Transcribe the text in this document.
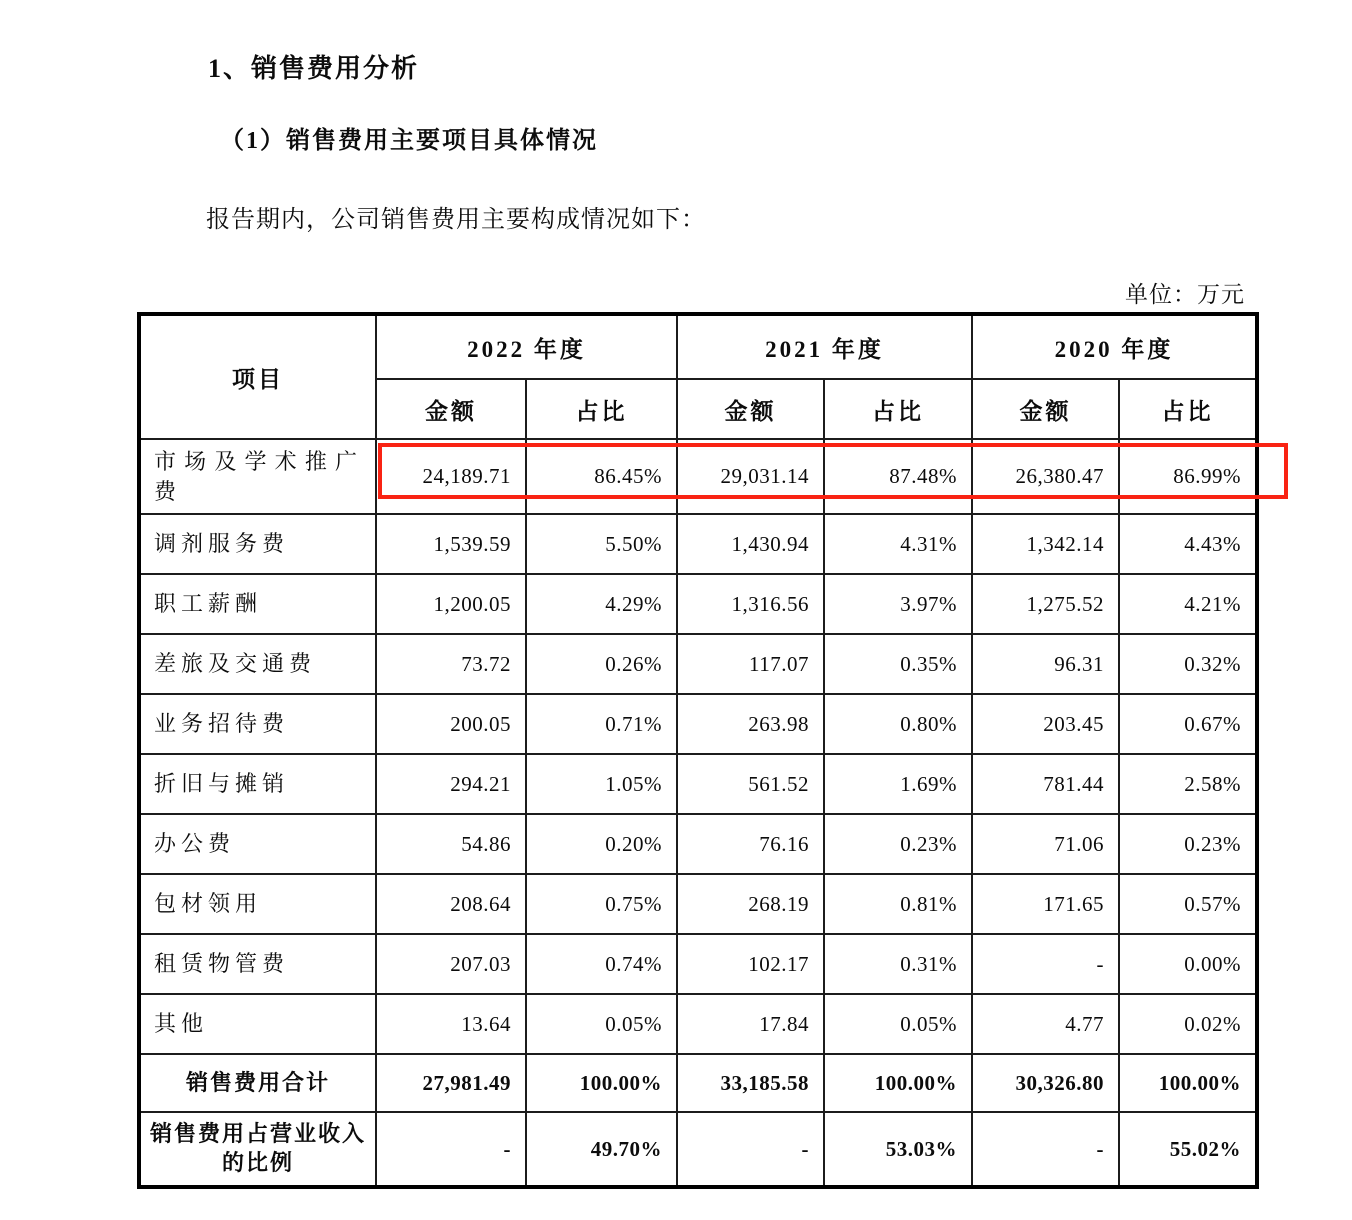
1、销售费用分析
（1）销售费用主要项目具体情况
报告期内，公司销售费用主要构成情况如下：
单位：万元
项目	2022 年度		2021 年度		2020 年度	
	金额	占比	金额	占比	金额	占比
市场及学术推广费	24,189.71	86.45%	29,031.14	87.48%	26,380.47	86.99%
调剂服务费	1,539.59	5.50%	1,430.94	4.31%	1,342.14	4.43%
职工薪酬	1,200.05	4.29%	1,316.56	3.97%	1,275.52	4.21%
差旅及交通费	73.72	0.26%	117.07	0.35%	96.31	0.32%
业务招待费	200.05	0.71%	263.98	0.80%	203.45	0.67%
折旧与摊销	294.21	1.05%	561.52	1.69%	781.44	2.58%
办公费	54.86	0.20%	76.16	0.23%	71.06	0.23%
包材领用	208.64	0.75%	268.19	0.81%	171.65	0.57%
租赁物管费	207.03	0.74%	102.17	0.31%	-	0.00%
其他	13.64	0.05%	17.84	0.05%	4.77	0.02%
销售费用合计	27,981.49	100.00%	33,185.58	100.00%	30,326.80	100.00%
销售费用占营业收入的比例	-	49.70%	-	53.03%	-	55.02%
